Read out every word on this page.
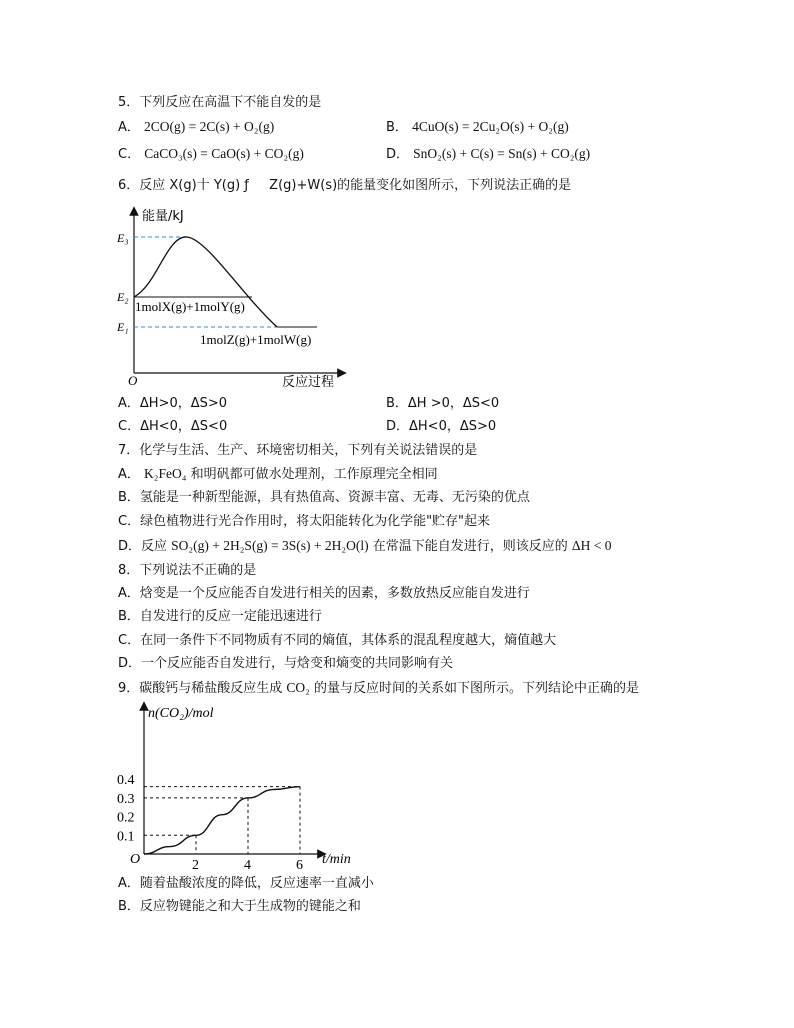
5．下列反应在高温下不能自发的是
A． 2CO(g) = 2C(s) + O₂(g)	B． 4CuO(s) = 2Cu₂O(s) + O₂(g)
C． CaCO₃(s) = CaO(s) + CO₂(g)	D． SnO₂(s) + C(s) = Sn(s) + CO₂(g)
6．反应 X(g)十 Y(g) ƒ Z(g)+W(s)的能量变化如图所示，下列说法正确的是
能量/kJ
反应过程
O
E₃
E₂
E₁
1molX(g)+1molY(g)
1molZ(g)+1molW(g)
A．ΔH>0，ΔS>0	B．ΔH >0，ΔS<0
C．ΔH<0，ΔS<0	D．ΔH<0，ΔS>0
7．化学与生活、生产、环境密切相关，下列有关说法错误的是
A． K₂FeO₄ 和明矾都可做水处理剂，工作原理完全相同
B．氢能是一种新型能源，具有热值高、资源丰富、无毒、无污染的优点
C．绿色植物进行光合作用时，将太阳能转化为化学能"贮存"起来
D．反应 SO₂(g) + 2H₂S(g) = 3S(s) + 2H₂O(l) 在常温下能自发进行，则该反应的 ΔH < 0
8．下列说法不正确的是
A．焓变是一个反应能否自发进行相关的因素，多数放热反应能自发进行
B．自发进行的反应一定能迅速进行
C．在同一条件下不同物质有不同的熵值，其体系的混乱程度越大，熵值越大
D．一个反应能否自发进行，与焓变和熵变的共同影响有关
9．碳酸钙与稀盐酸反应生成 CO₂ 的量与反应时间的关系如下图所示。下列结论中正确的是
n(CO₂)/mol
t/min
O	2	4	6
0.1
0.2
0.3
0.4
A．随着盐酸浓度的降低，反应速率一直减小
B．反应物键能之和大于生成物的键能之和
